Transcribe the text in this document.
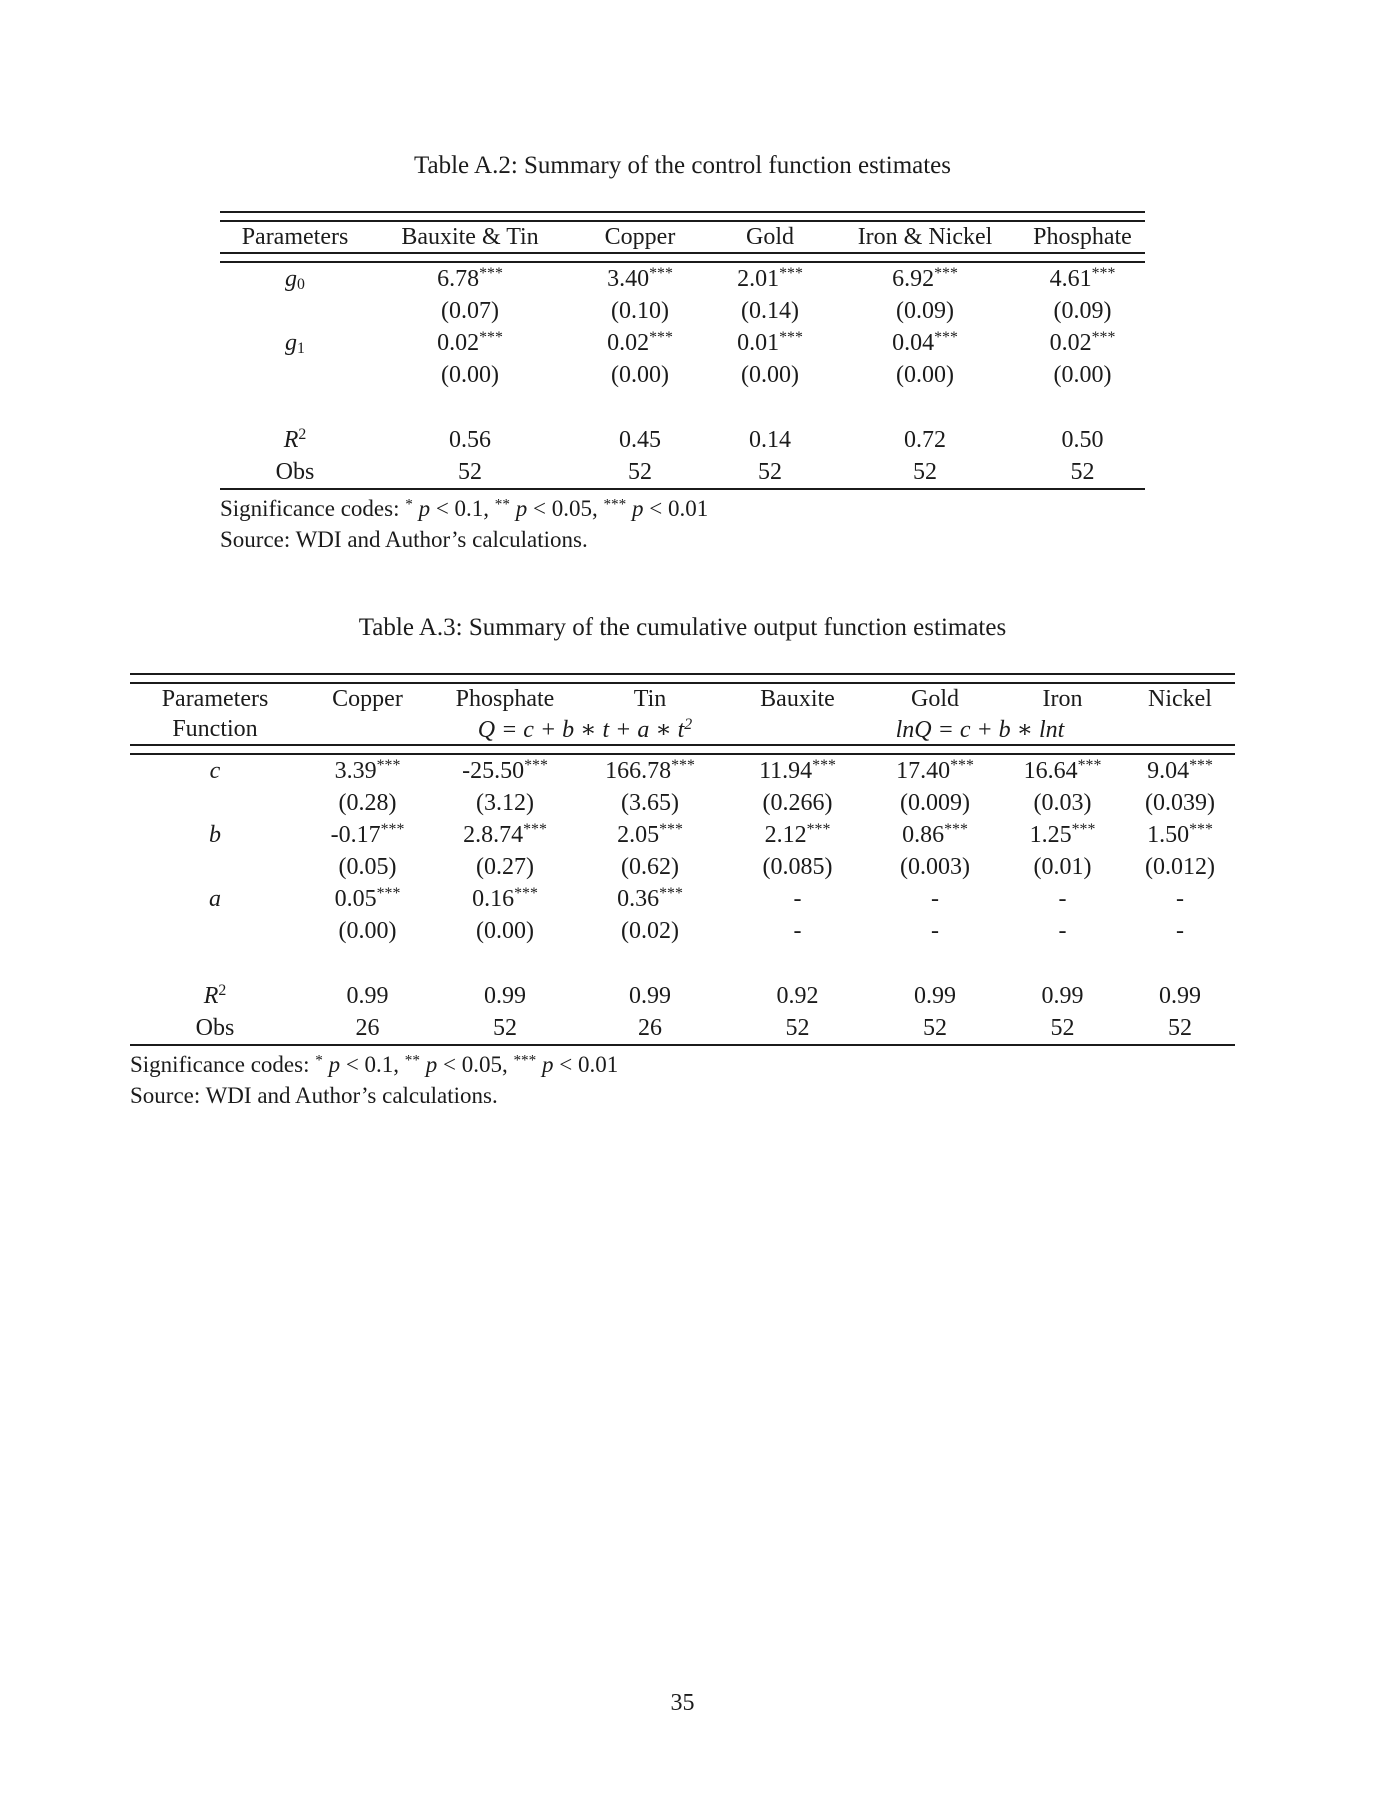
Table A.2: Summary of the control function estimates
Parameters	Bauxite & Tin	Copper	Gold	Iron & Nickel	Phosphate
$g_0$	6.78***	3.40***	2.01***	6.92***	4.61***
(0.07)	(0.10)	(0.14)	(0.09)	(0.09)
$g_1$	0.02***	0.02***	0.01***	0.04***	0.02***
(0.00)	(0.00)	(0.00)	(0.00)	(0.00)
$R^2$	0.56	0.45	0.14	0.72	0.50
Obs	52	52	52	52	52
Significance codes: * p < 0.1, ** p < 0.05, *** p < 0.01
Source: WDI and Author’s calculations.
Table A.3: Summary of the cumulative output function estimates
Parameters	Copper	Phosphate	Tin	Bauxite	Gold	Iron	Nickel
Function	Q = c + b ∗ t + a ∗ $t^2$	lnQ = c + b ∗ lnt
c	3.39***	-25.50***	166.78***	11.94***	17.40***	16.64***	9.04***
(0.28)	(3.12)	(3.65)	(0.266)	(0.009)	(0.03)	(0.039)
b	-0.17***	2.8.74***	2.05***	2.12***	0.86***	1.25***	1.50***
(0.05)	(0.27)	(0.62)	(0.085)	(0.003)	(0.01)	(0.012)
a	0.05***	0.16***	0.36***	-	-	-	-
(0.00)	(0.00)	(0.02)	-	-	-	-
$R^2$	0.99	0.99	0.99	0.92	0.99	0.99	0.99
Obs	26	52	26	52	52	52	52
Significance codes: * p < 0.1, ** p < 0.05, *** p < 0.01
Source: WDI and Author’s calculations.
35
